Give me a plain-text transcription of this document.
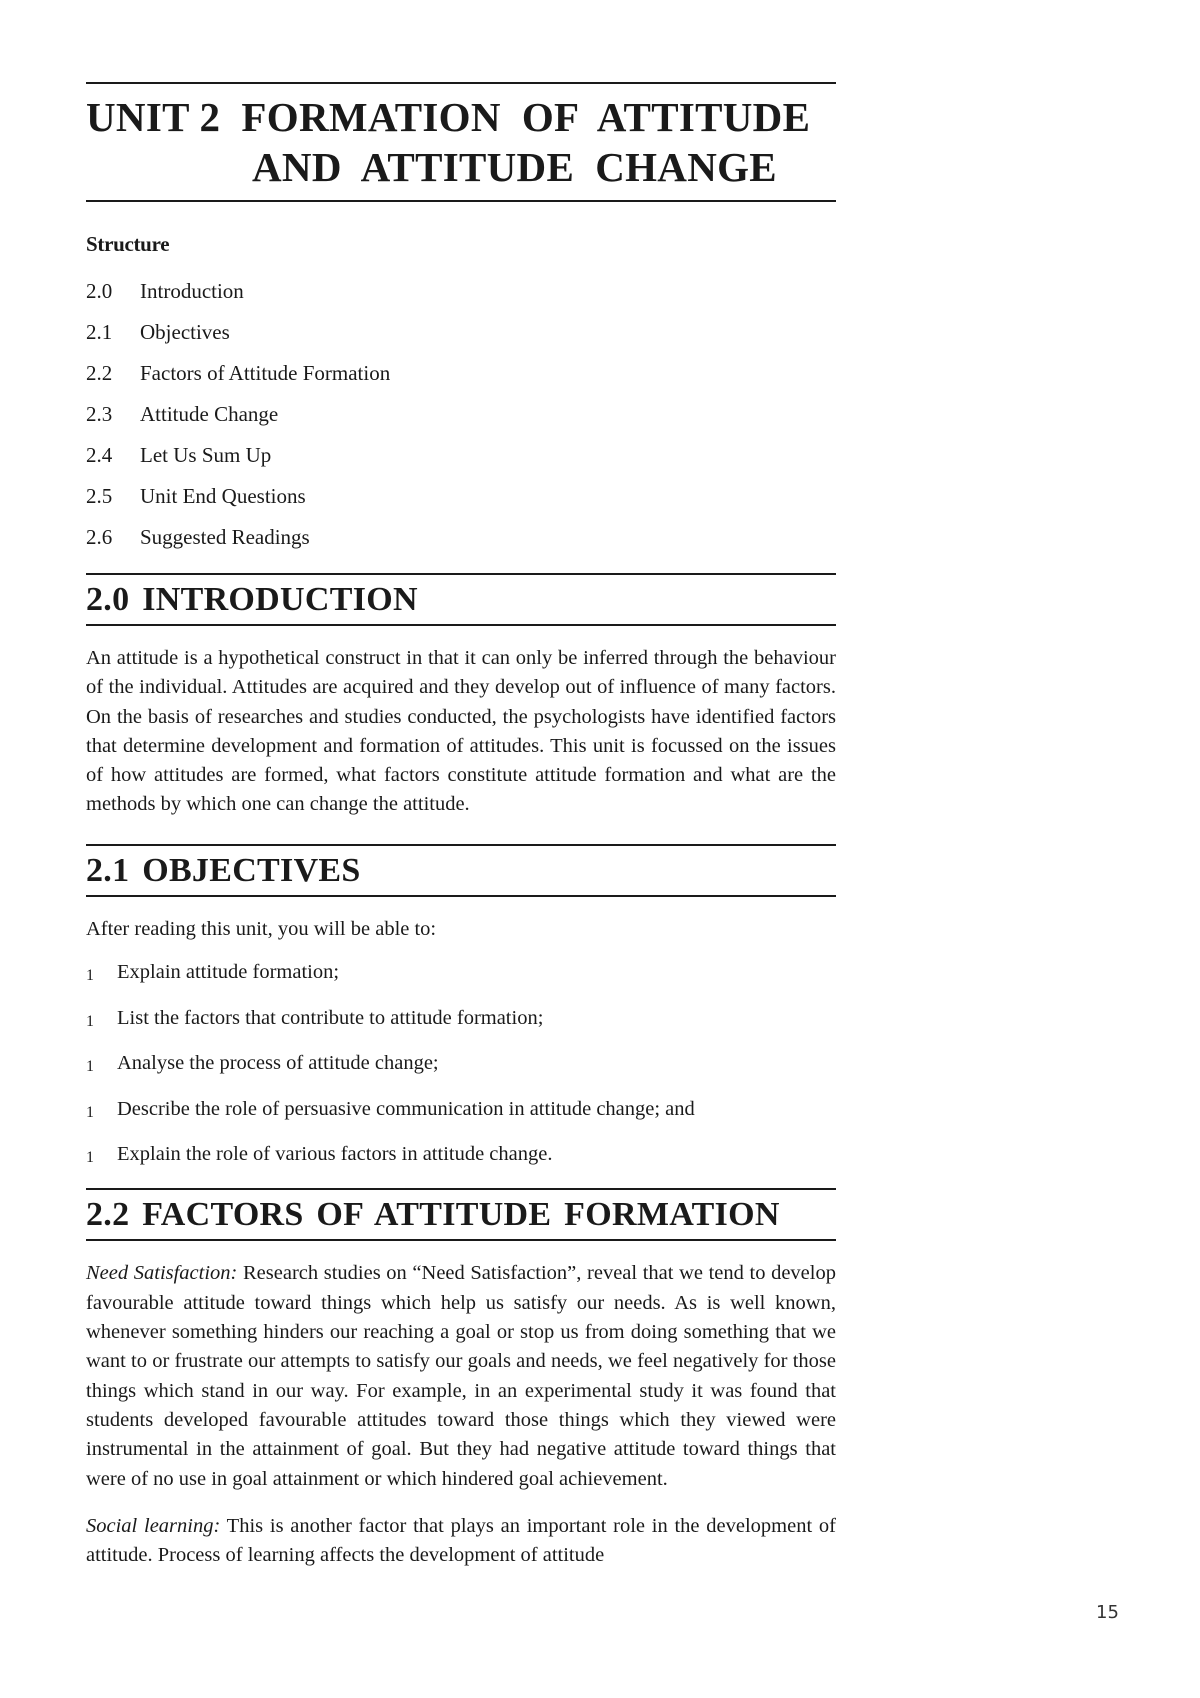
UNIT 2  FORMATION  OF  ATTITUDE
AND  ATTITUDE  CHANGE
Structure
2.0	Introduction
2.1	Objectives
2.2	Factors of Attitude Formation
2.3	Attitude Change
2.4	Let Us Sum Up
2.5	Unit End Questions
2.6	Suggested Readings
2.0 INTRODUCTION

An attitude is a hypothetical construct in that it can only be inferred through the behaviour of the individual. Attitudes are acquired and they develop out of influence of many factors. On the basis of researches and studies conducted, the psychologists have identified factors that determine development and formation of attitudes. This unit is focussed on the issues of how attitudes are formed, what factors constitute attitude formation and what are the methods by which one can change the attitude.

2.1 OBJECTIVES

After reading this unit, you will be able to:

1	Explain attitude formation;
1	List the factors that contribute to attitude formation;
1	Analyse the process of attitude change;
1	Describe the role of persuasive communication in attitude change; and
1	Explain the role of various factors in attitude change.
2.2 FACTORS OF ATTITUDE FORMATION

Need Satisfaction: Research studies on “Need Satisfaction”, reveal that we tend to develop favourable attitude toward things which help us satisfy our needs. As is well known, whenever something hinders our reaching a goal or stop us from doing something that we want to or frustrate our attempts to satisfy our goals and needs, we feel negatively for those things which stand in our way. For example, in an experimental study it was found that students developed favourable attitudes toward those things which they viewed were instrumental in the attainment of goal. But they had negative attitude toward things that were of no use in goal attainment or which hindered goal achievement.

Social learning: This is another factor that plays an important role in the development of attitude. Process of learning affects the development of attitude

15
